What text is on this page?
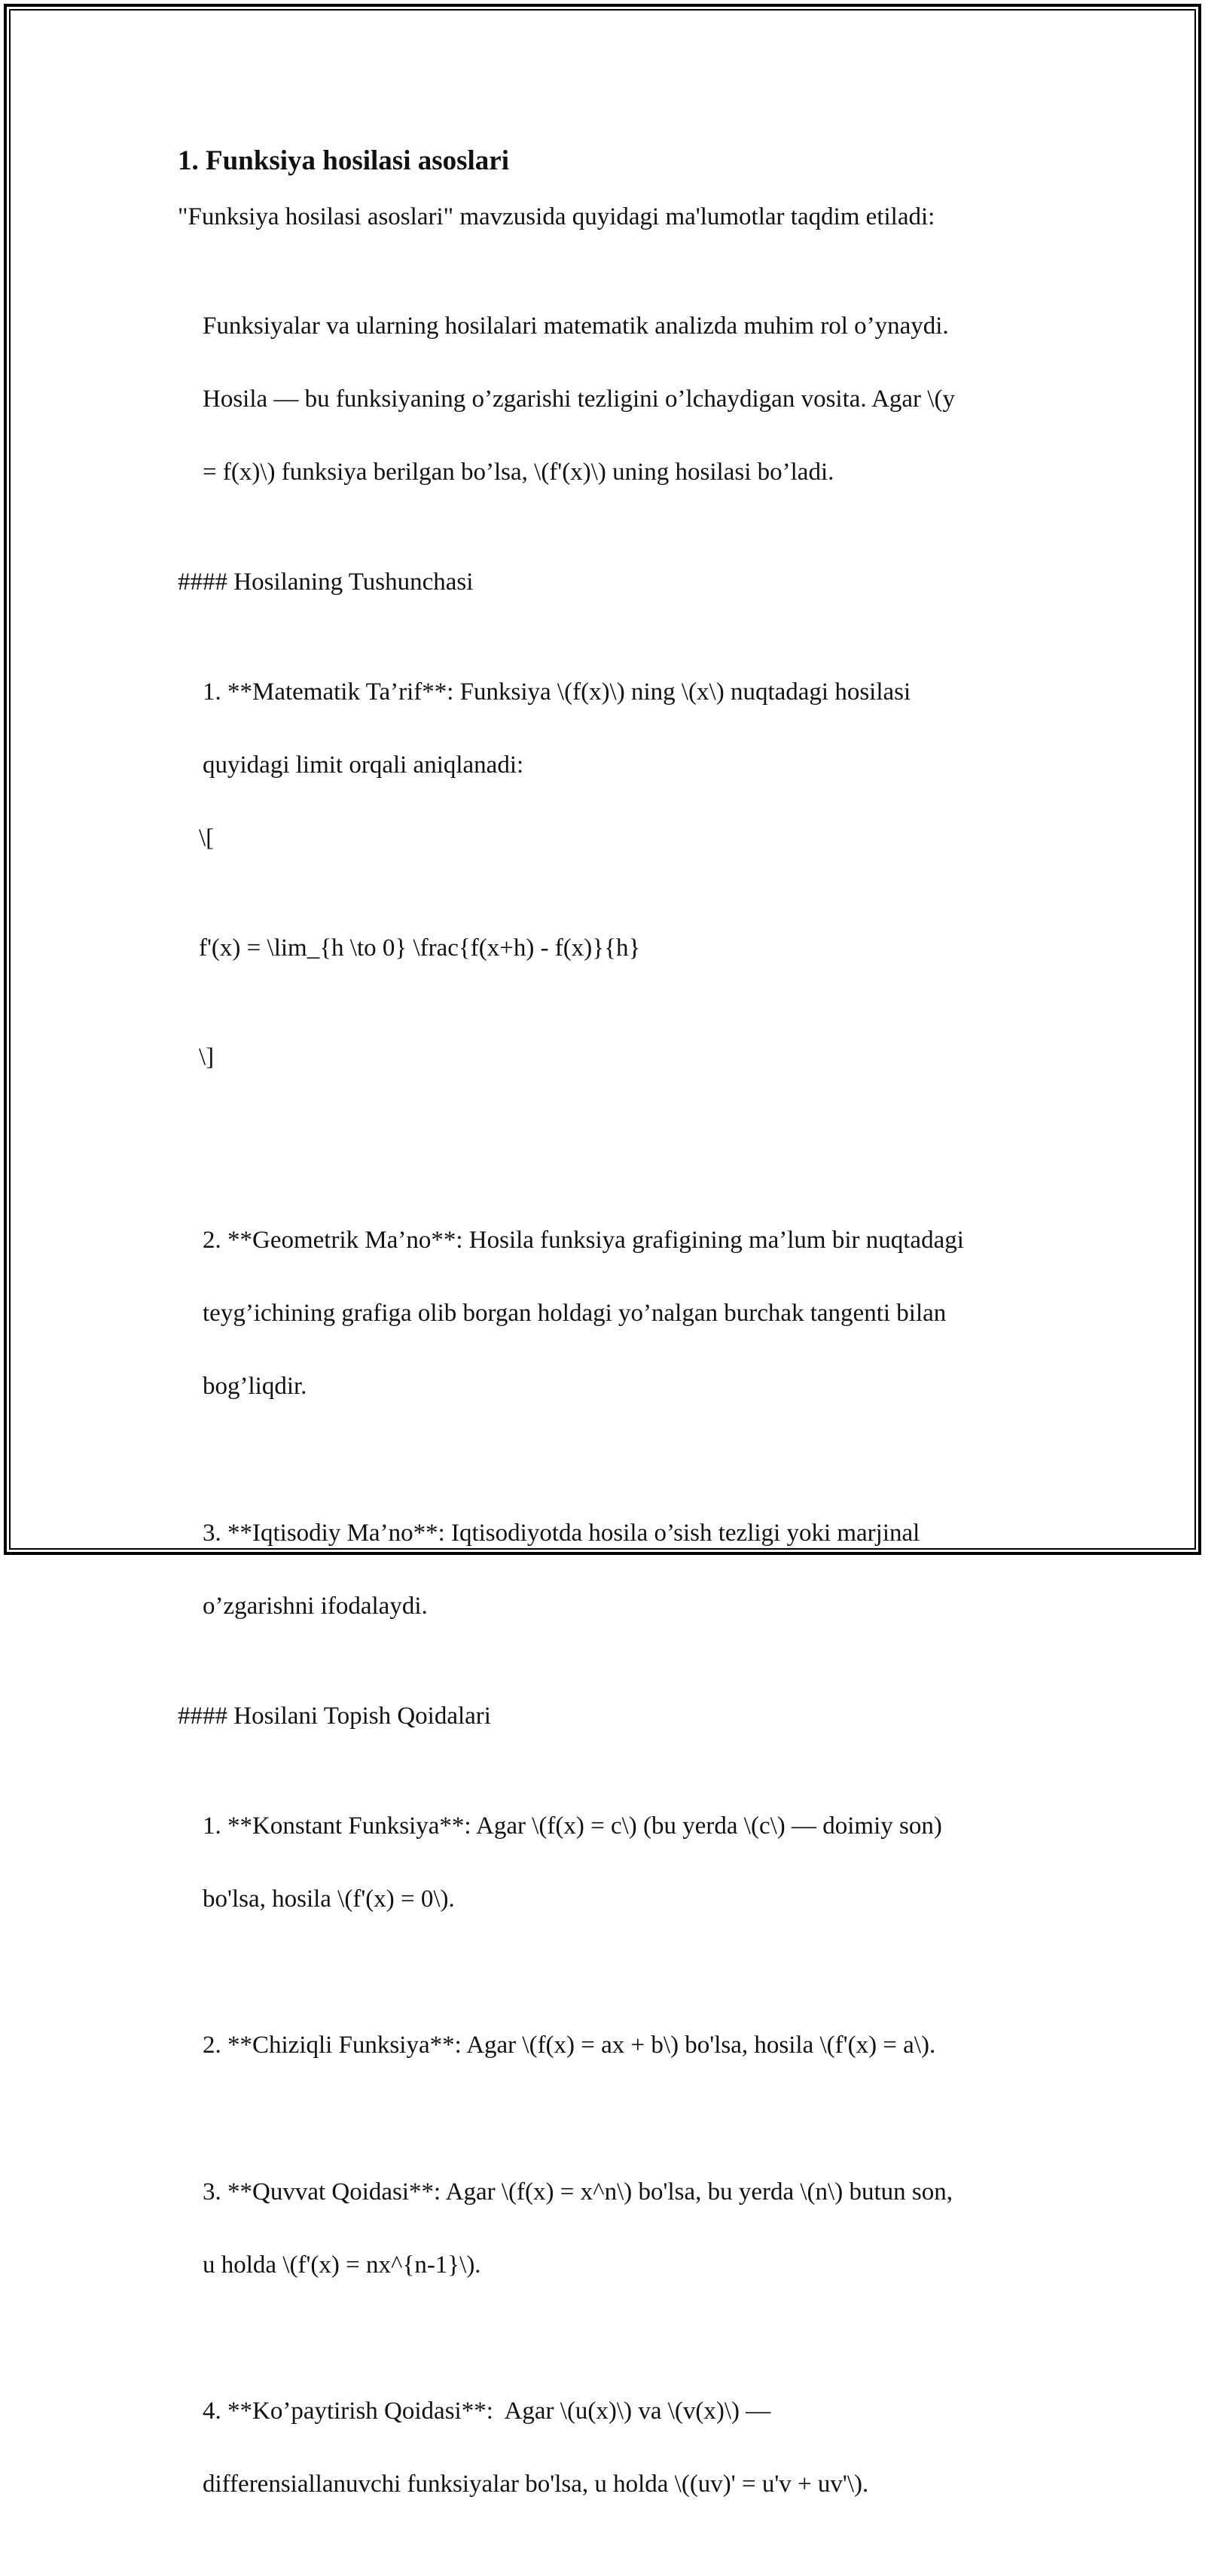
1. Funksiya hosilasi asoslari
"Funksiya hosilasi asoslari" mavzusida quyidagi ma'lumotlar taqdim etiladi:

Funksiyalar va ularning hosilalari matematik analizda muhim rol o’ynaydi.

Hosila — bu funksiyaning o’zgarishi tezligini o’lchaydigan vosita. Agar \(y

= f(x)\) funksiya berilgan bo’lsa, \(f'(x)\) uning hosilasi bo’ladi.

#### Hosilaning Tushunchasi

1. **Matematik Ta’rif**: Funksiya \(f(x)\) ning \(x\) nuqtadagi hosilasi

quyidagi limit orqali aniqlanadi:

\[

f'(x) = \lim_{h \to 0} \frac{f(x+h) - f(x)}{h}

\]

2. **Geometrik Ma’no**: Hosila funksiya grafigining ma’lum bir nuqtadagi

teyg’ichining grafiga olib borgan holdagi yo’nalgan burchak tangenti bilan

bog’liqdir.

3. **Iqtisodiy Ma’no**: Iqtisodiyotda hosila o’sish tezligi yoki marjinal

o’zgarishni ifodalaydi.

#### Hosilani Topish Qoidalari

1. **Konstant Funksiya**: Agar \(f(x) = c\) (bu yerda \(c\) — doimiy son)

bo'lsa, hosila \(f'(x) = 0\).

2. **Chiziqli Funksiya**: Agar \(f(x) = ax + b\) bo'lsa, hosila \(f'(x) = a\).

3. **Quvvat Qoidasi**: Agar \(f(x) = x^n\) bo'lsa, bu yerda \(n\) butun son,

u holda \(f'(x) = nx^{n-1}\).

4. **Ko’paytirish Qoidasi**:  Agar \(u(x)\) va \(v(x)\) —

differensiallanuvchi funksiyalar bo'lsa, u holda \((uv)' = u'v + uv'\).
